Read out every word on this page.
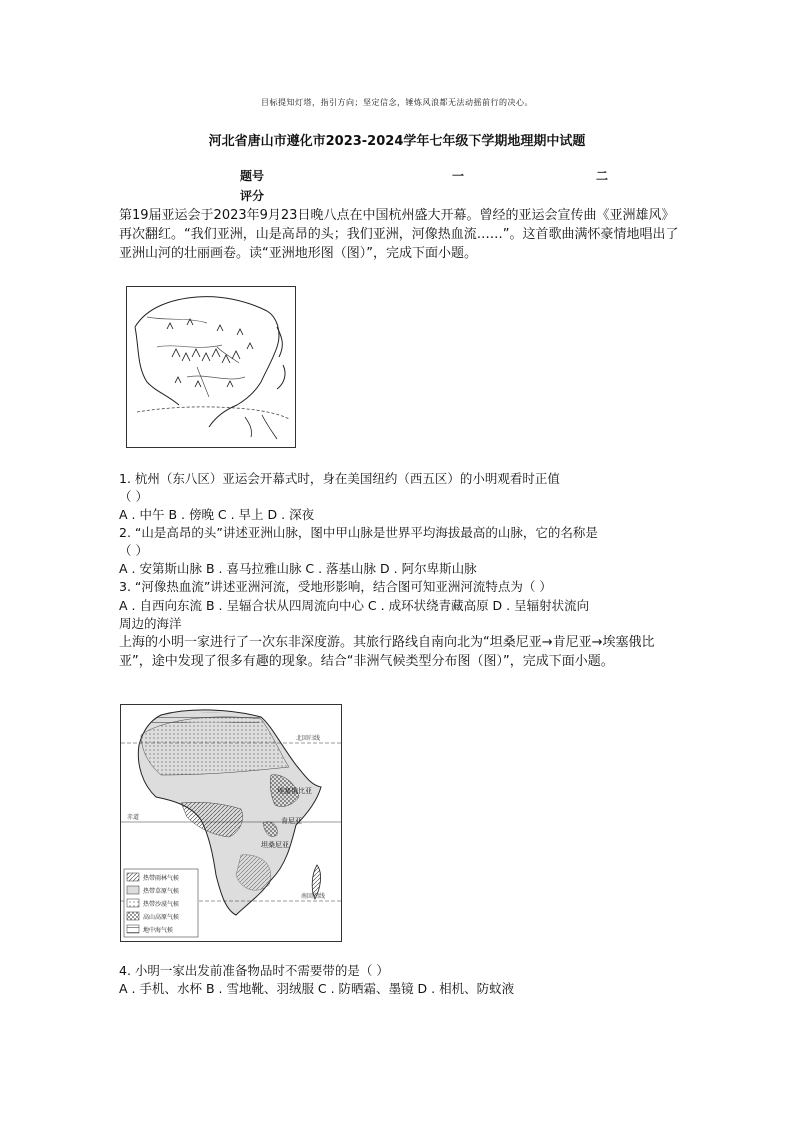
目标提知灯塔，指引方向；坚定信念，锤炼风浪都无法动摇前行的决心。
河北省唐山市遵化市2023-2024学年七年级下学期地理期中试题
题号	一	二
评分
第19届亚运会于2023年9月23日晚八点在中国杭州盛大开幕。曾经的亚运会宣传曲《亚洲雄风》再次翻红。“我们亚洲，山是高昂的头；我们亚洲，河像热血流……”。这首歌曲满怀豪情地唱出了亚洲山河的壮丽画卷。读“亚洲地形图（图）”，完成下面小题。
1. 杭州（东八区）亚运会开幕式时，身在美国纽约（西五区）的小明观看时正值
（ ）
A . 中午 B . 傍晚 C . 早上 D . 深夜
2. “山是高昂的头”讲述亚洲山脉，图中甲山脉是世界平均海拔最高的山脉，它的名称是
（ ）
A . 安第斯山脉 B . 喜马拉雅山脉 C . 落基山脉 D . 阿尔卑斯山脉
3. “河像热血流”讲述亚洲河流，受地形影响，结合图可知亚洲河流特点为（ ）
A . 自西向东流 B . 呈辐合状从四周流向中心 C . 成环状绕青藏高原 D . 呈辐射状流向
周边的海洋
上海的小明一家进行了一次东非深度游。其旅行路线自南向北为“坦桑尼亚→肯尼亚→埃塞俄比亚”，途中发现了很多有趣的现象。结合“非洲气候类型分布图（图）”，完成下面小题。
北回归线
赤道
南回归线
埃塞俄比亚
肯尼亚
坦桑尼亚
热带雨林气候
热带草原气候
热带沙漠气候
高山高原气候
地中海气候
4. 小明一家出发前准备物品时不需要带的是（ ）
A . 手机、水杯 B . 雪地靴、羽绒服 C . 防晒霜、墨镜 D . 相机、防蚊液
